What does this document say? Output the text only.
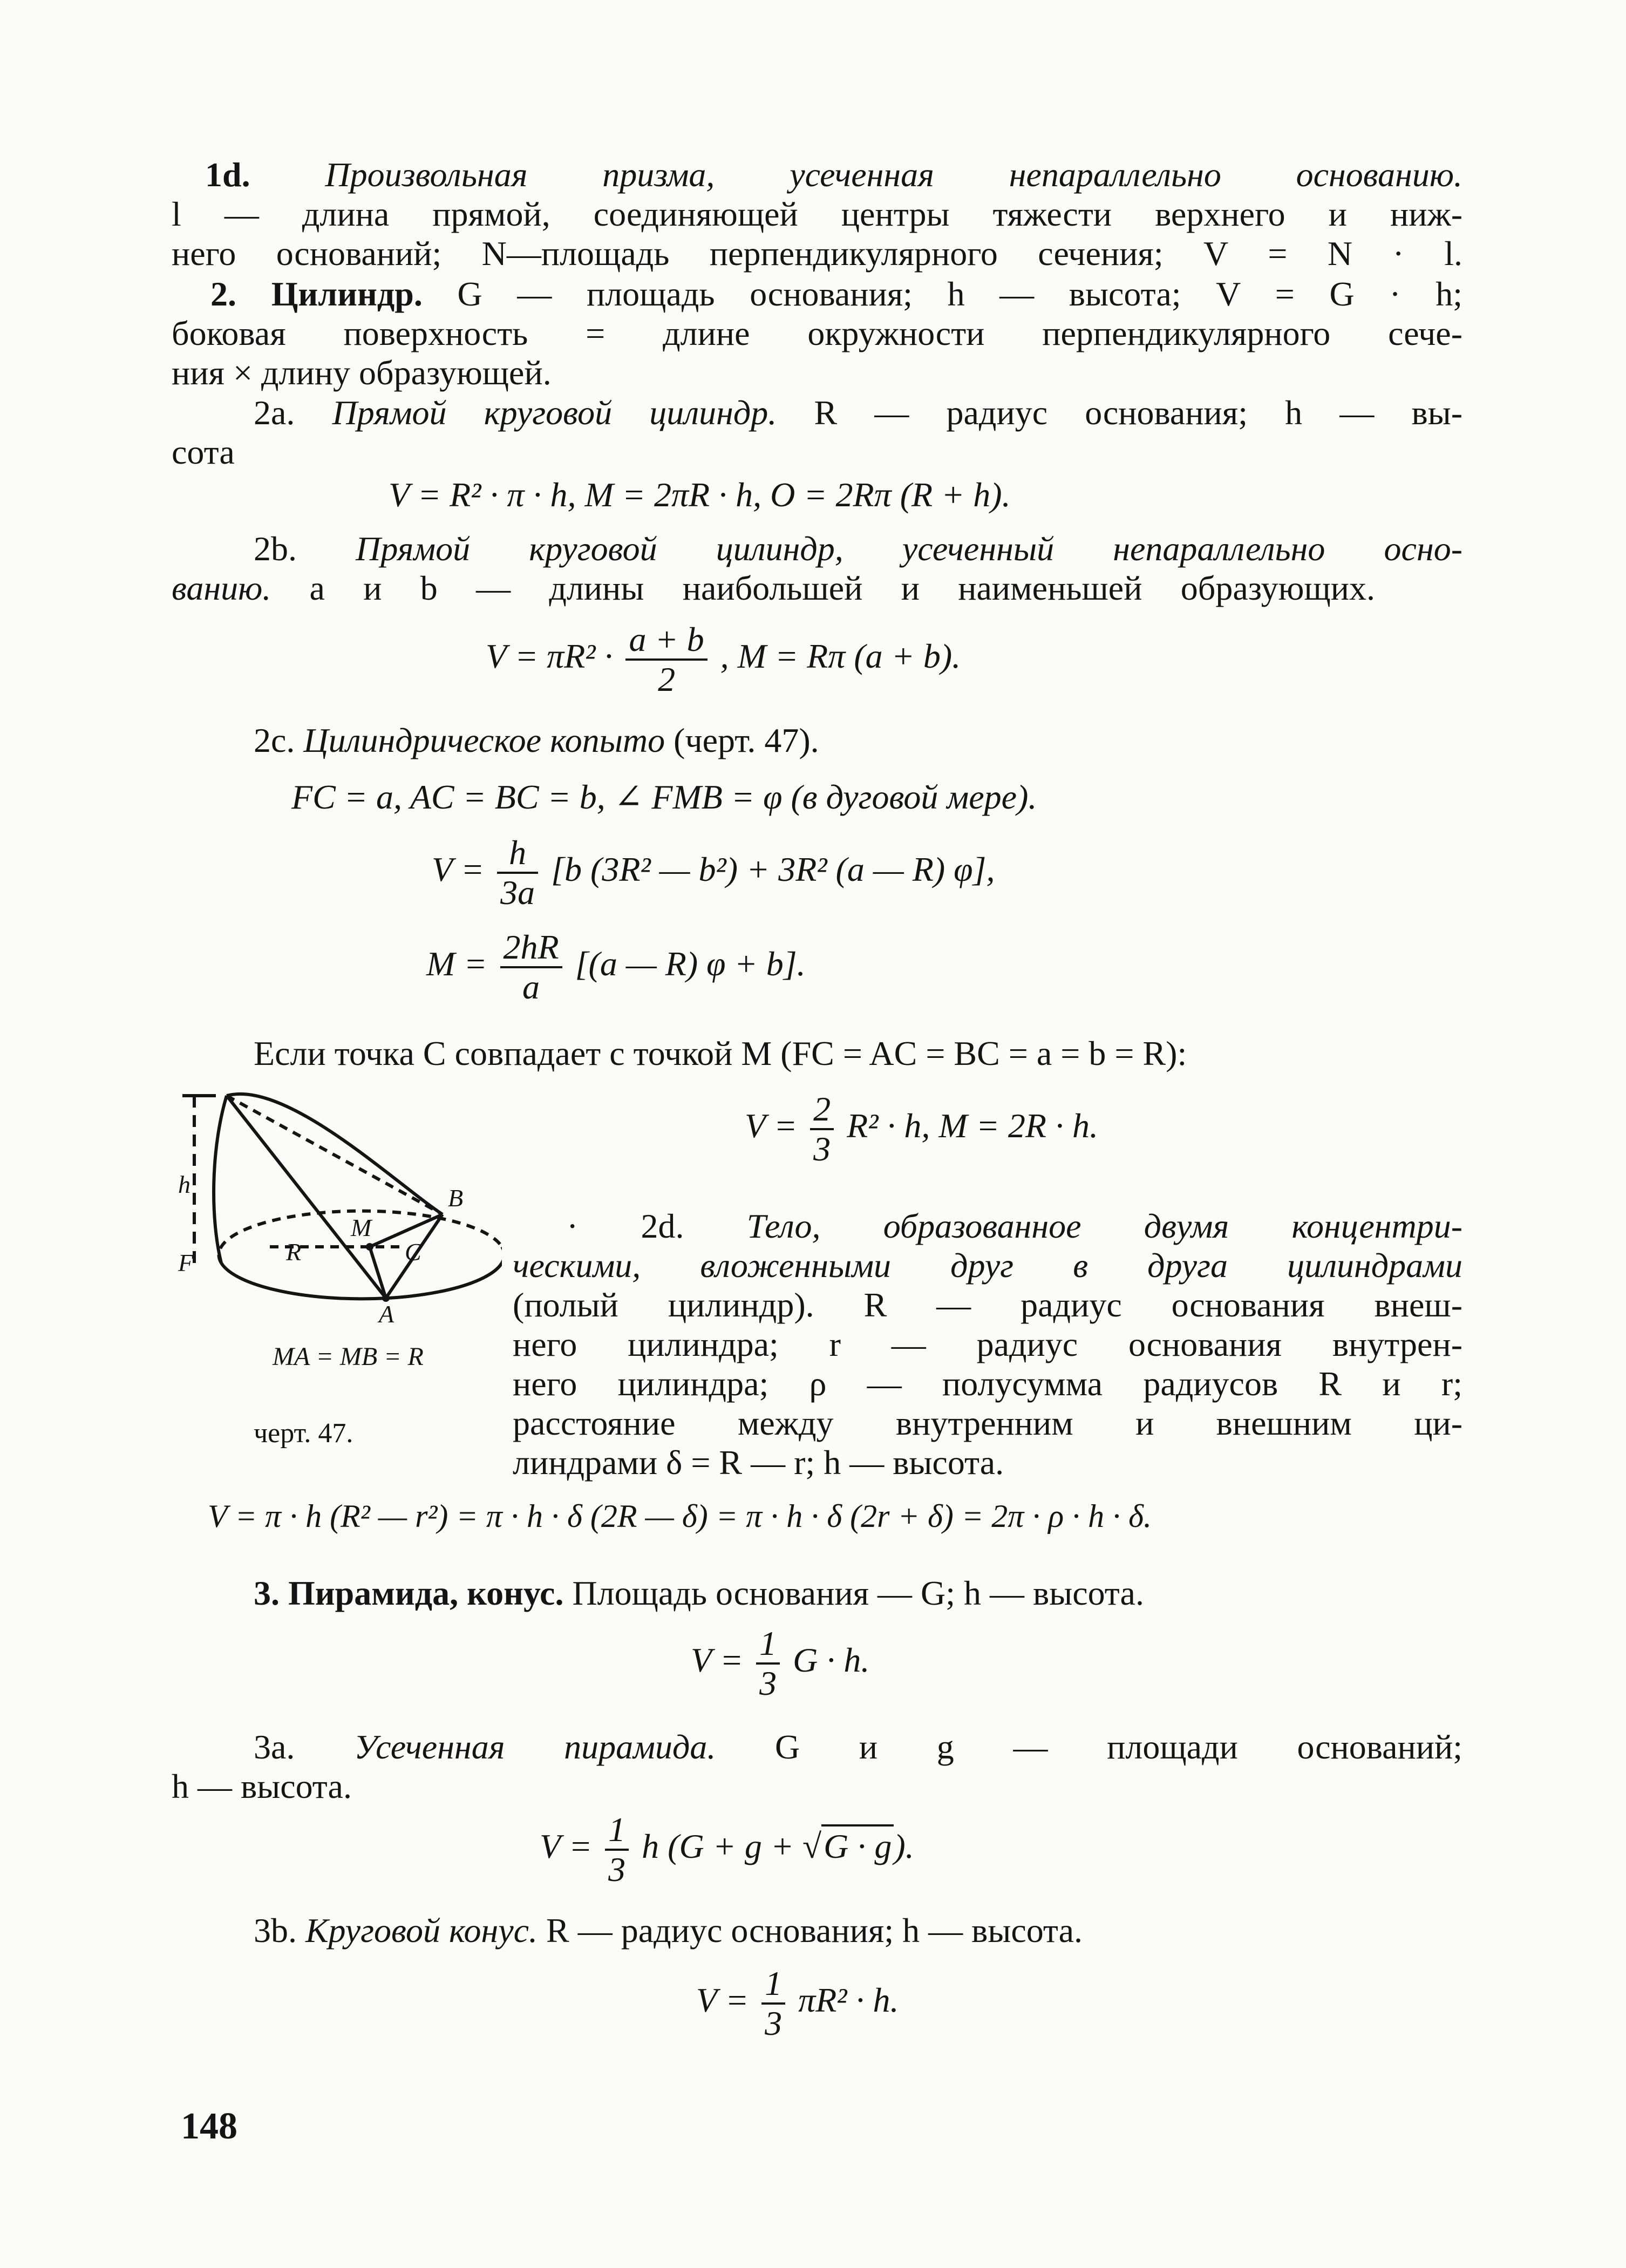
1d. Произвольная призма, усеченная непараллельно основанию.
l — длина прямой, соединяющей центры тяжести верхнего и ниж-
него оснований; N—площадь перпендикулярного сечения; V = N · l.
2. Цилиндр. G — площадь основания; h — высота; V = G · h;
боковая поверхность = длине окружности перпендикулярного сече-
ния × длину образующей.
2a. Прямой круговой цилиндр. R — радиус основания; h — вы-
сота
V = R² · π · h, M = 2πR · h, O = 2Rπ (R + h).
2b. Прямой круговой цилиндр, усеченный непараллельно осно-
ванию. a и b — длины наибольшей и наименьшей образующих.
$V = \pi R^2 \cdot \frac{a + b}{2}$ , M = Rπ (a + b).
2c. Цилиндрическое копыто (черт. 47).
FC = a, AC = BC = b, ∠ FMB = φ (в дуговой мере).
$V = \frac{h}{3a} [b$ (3R² — b²) + 3R² (a — R) φ],
$M = \frac{2hR}{a} [(a$ — R) φ + b].
Если точка C совпадает с точкой M (FC = AC = BC = a = b = R):
$V = \frac{2}{3} R^2 \cdot h$, M = 2R · h.
h	B
M
R	C
A
F
MA = MB = R
черт. 47.
· 2d. Тело, образованное двумя концентри-
ческими, вложенными друг в друга цилиндрами
(полый цилиндр). R — радиус основания внеш-
него цилиндра; r — радиус основания внутрен-
него цилиндра; ρ — полусумма радиусов R и r;
расстояние между внутренним и внешним ци-
линдрами δ = R — r; h — высота.
V = π · h (R² — r²) = π · h · δ (2R — δ) = π · h · δ (2r + δ) = 2π · ρ · h · δ.
3. Пирамида, конус. Площадь основания — G; h — высота.
$V = \frac{1}{3}$ G · h.
3a. Усеченная пирамида. G и g — площади оснований;
h — высота.
$V = \frac{1}{3}$ h (G + g + √G · g).
3b. Круговой конус. R — радиус основания; h — высота.
$V = \frac{1}{3} \pi R^2 \cdot h$.
148
